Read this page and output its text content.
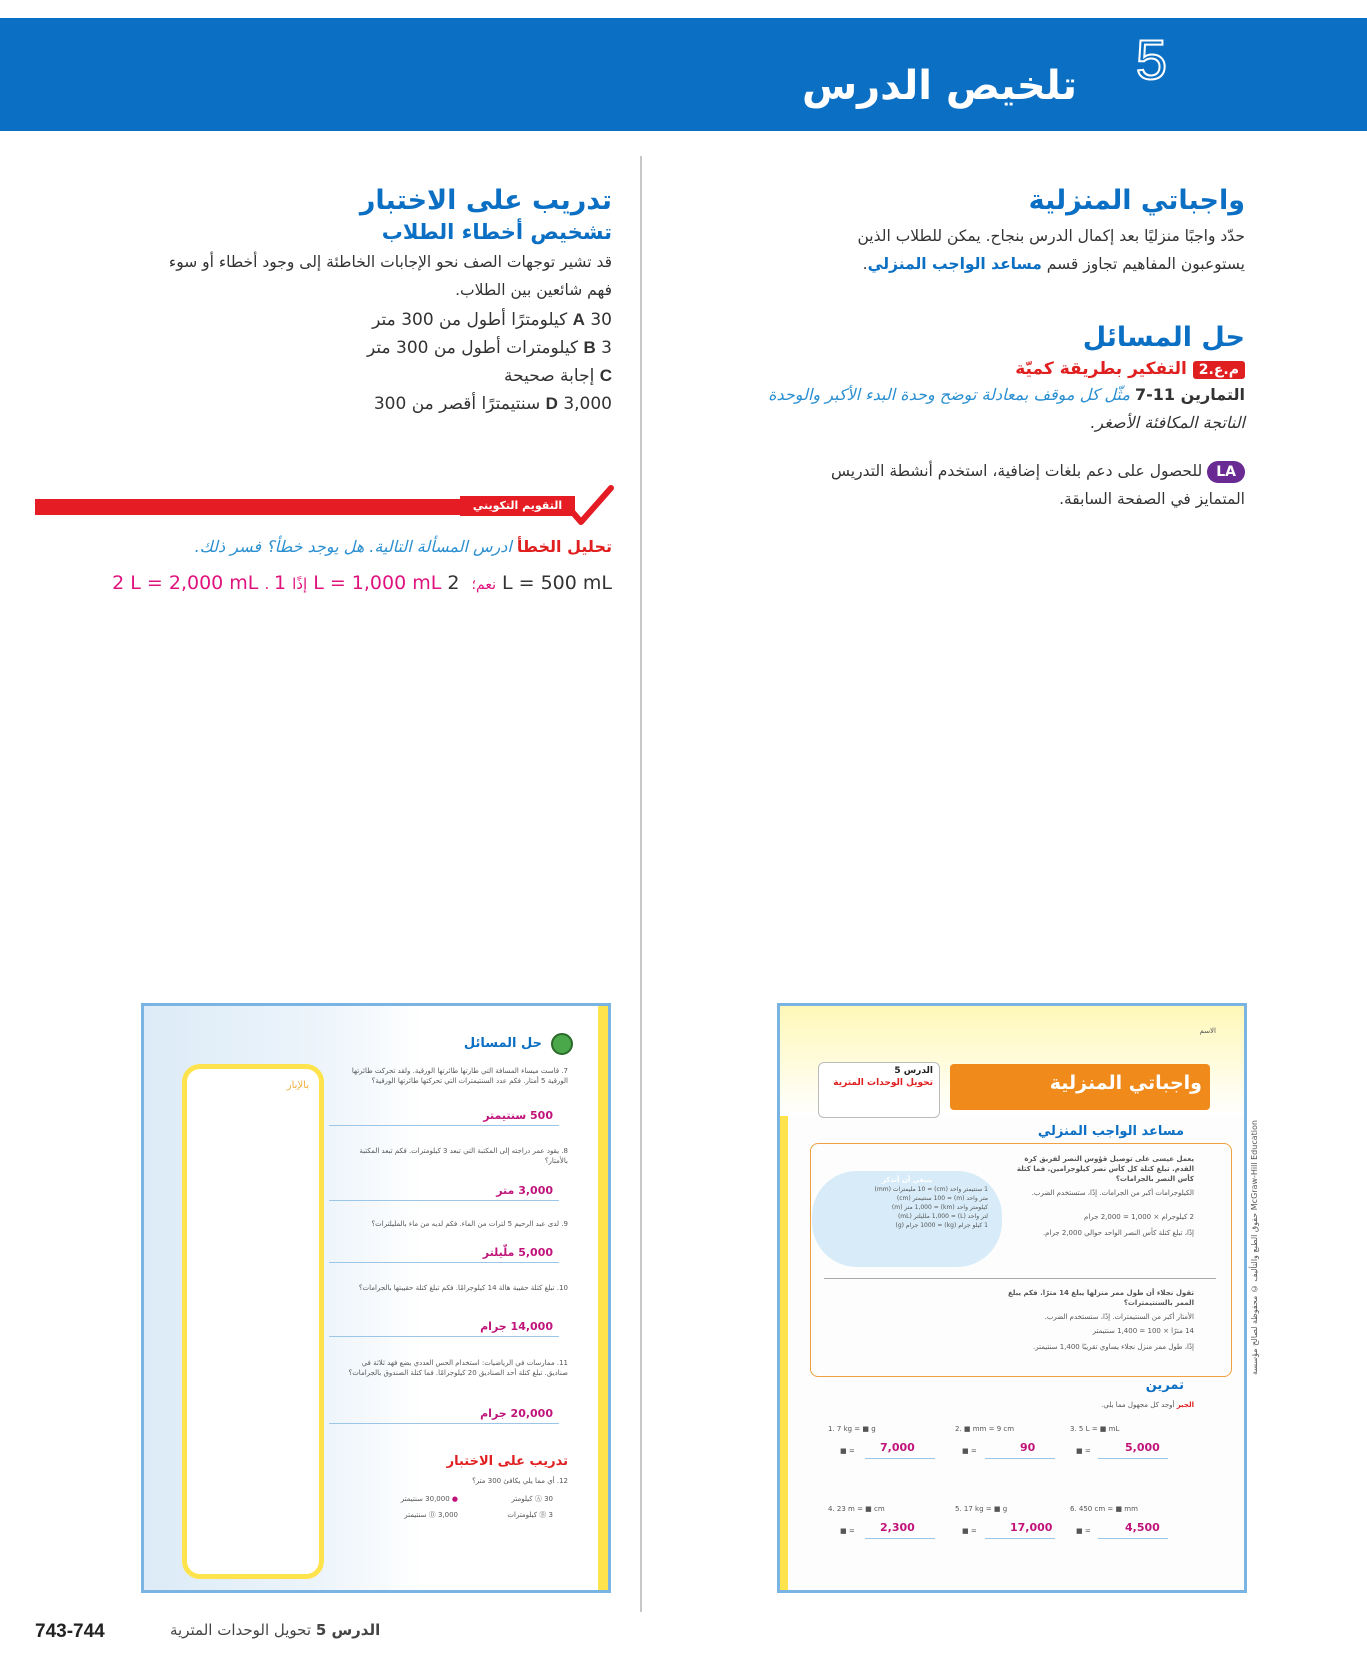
5
تلخيص الدرس
واجباتي المنزلية

حدّد واجبًا منزليًا بعد إكمال الدرس بنجاح. يمكن للطلاب الذين

يستوعبون المفاهيم تجاوز قسم مساعد الواجب المنزلي.

حل المسائل
م.ع.2 التفكير بطريقة كميّة

التمارين 11-7 مثّل كل موقف بمعادلة توضح وحدة البدء الأكبر والوحدة

الناتجة المكافئة الأصغر.

LA للحصول على دعم بلغات إضافية، استخدم أنشطة التدريس

المتمايز في الصفحة السابقة.

تدريب على الاختبار
تشخيص أخطاء الطلاب

قد تشير توجهات الصف نحو الإجابات الخاطئة إلى وجود أخطاء أو سوء

فهم شائعين بين الطلاب.

A 30 كيلومترًا أطول من 300 متر
B 3 كيلومترات أطول من 300 متر
C إجابة صحيحة
D 3,000 سنتيمترًا أقصر من 300
التقويم التكويني
تحليل الخطأ ادرس المسألة التالية. هل يوجد خطأ؟ فسر ذلك.
2 L = 2,000 mL . إذًا 1 L = 1,000 mL نعم؛  2 L = 500 mL
الاسم
واجباتي المنزلية
الدرس 5
تحويل الوحدات المترية
مساعد الواجب المنزلي
يعمل عيسى على توصيل قؤوس النصر لفريق كرة القدم. تبلغ كتلة كل كأس نصر كيلوجرامين. فما كتلة كأس النصر بالجرامات؟
الكيلوجرامات أكبر من الجرامات. إذًا، ستستخدم الضرب.
2 كيلوجرام × 1,000 = 2,000 جرام
إذًا، تبلغ كتلة كأس النصر الواحد حوالي 2,000 جرام.
ينبغي أن أتذكر
1 سنتيمتر واحد (cm) = 10 مليمترات (mm)
متر واحد (m) = 100 سنتيمتر (cm)
كيلومتر واحد (km) = 1,000 متر (m)
لتر واحد (L) = 1,000 ملليلتر (mL)
1 كيلو جرام (kg) = 1000 جرام (g)
تقول نجلاء أن طول ممر منزلها يبلغ 14 مترًا. فكم يبلغ الممر بالسنتيمترات؟
الأمتار أكبر من السنتيمترات. إذًا، ستستخدم الضرب.
14 مترًا × 100 = 1,400 سنتيمتر
إذًا، طول ممر منزل نجلاء يساوي تقريبًا 1,400 سنتيمتر.
تمرين
الجبر أوجد كل مجهول مما يلي.
1. 7 kg = ■ g	2. ■ mm = 9 cm	3. 5 L = ■ mL
■ =	■ =	■ =
7,000	90	5,000
4. 23 m = ■ cm	5. 17 kg = ■ g	6. 450 cm = ■ mm
■ =	■ =	■ =
2,300	17,000	4,500
McGraw-Hill Education حقوق الطبع والتأليف © محفوظة لصالح مؤسسة
بالإبار
حل المسائل
7. قاست ميساء المسافة التي طارتها طائرتها الورقية. ولقد تحركت طائرتها الورقية 5 أمتار. فكم عدد السنتيمترات التي تحركتها طائرتها الورقية؟
500 سنتيمتر
8. يقود عمر دراجته إلى المكتبة التي تبعد 3 كيلومترات. فكم تبعد المكتبة بالأمتار؟
3,000 متر
9. لدى عبد الرحيم 5 لترات من الماء. فكم لديه من ماء بالمليلترات؟
5,000 ملّيلتر
10. تبلغ كتلة حقيبة هالة 14 كيلوجرامًا. فكم تبلغ كتلة حقيبتها بالجرامات؟
14,000 جرام
11. ممارسات في الرياضيات: استخدام الحس العددي يضع فهد ثلاثة في صناديق. تبلغ كتلة أحد الصناديق 20 كيلوجرامًا. فما كتلة الصندوق بالجرامات؟
20,000 جرام
تدريب على الاختبار
12. أي مما يلي يكافئ 300 متر؟
Ⓐ 30 كيلومتر
● 30,000 سنتيمتر
Ⓑ 3 كيلومترات
Ⓓ 3,000 سنتيمتر
743-744	الدرس 5 تحويل الوحدات المترية
